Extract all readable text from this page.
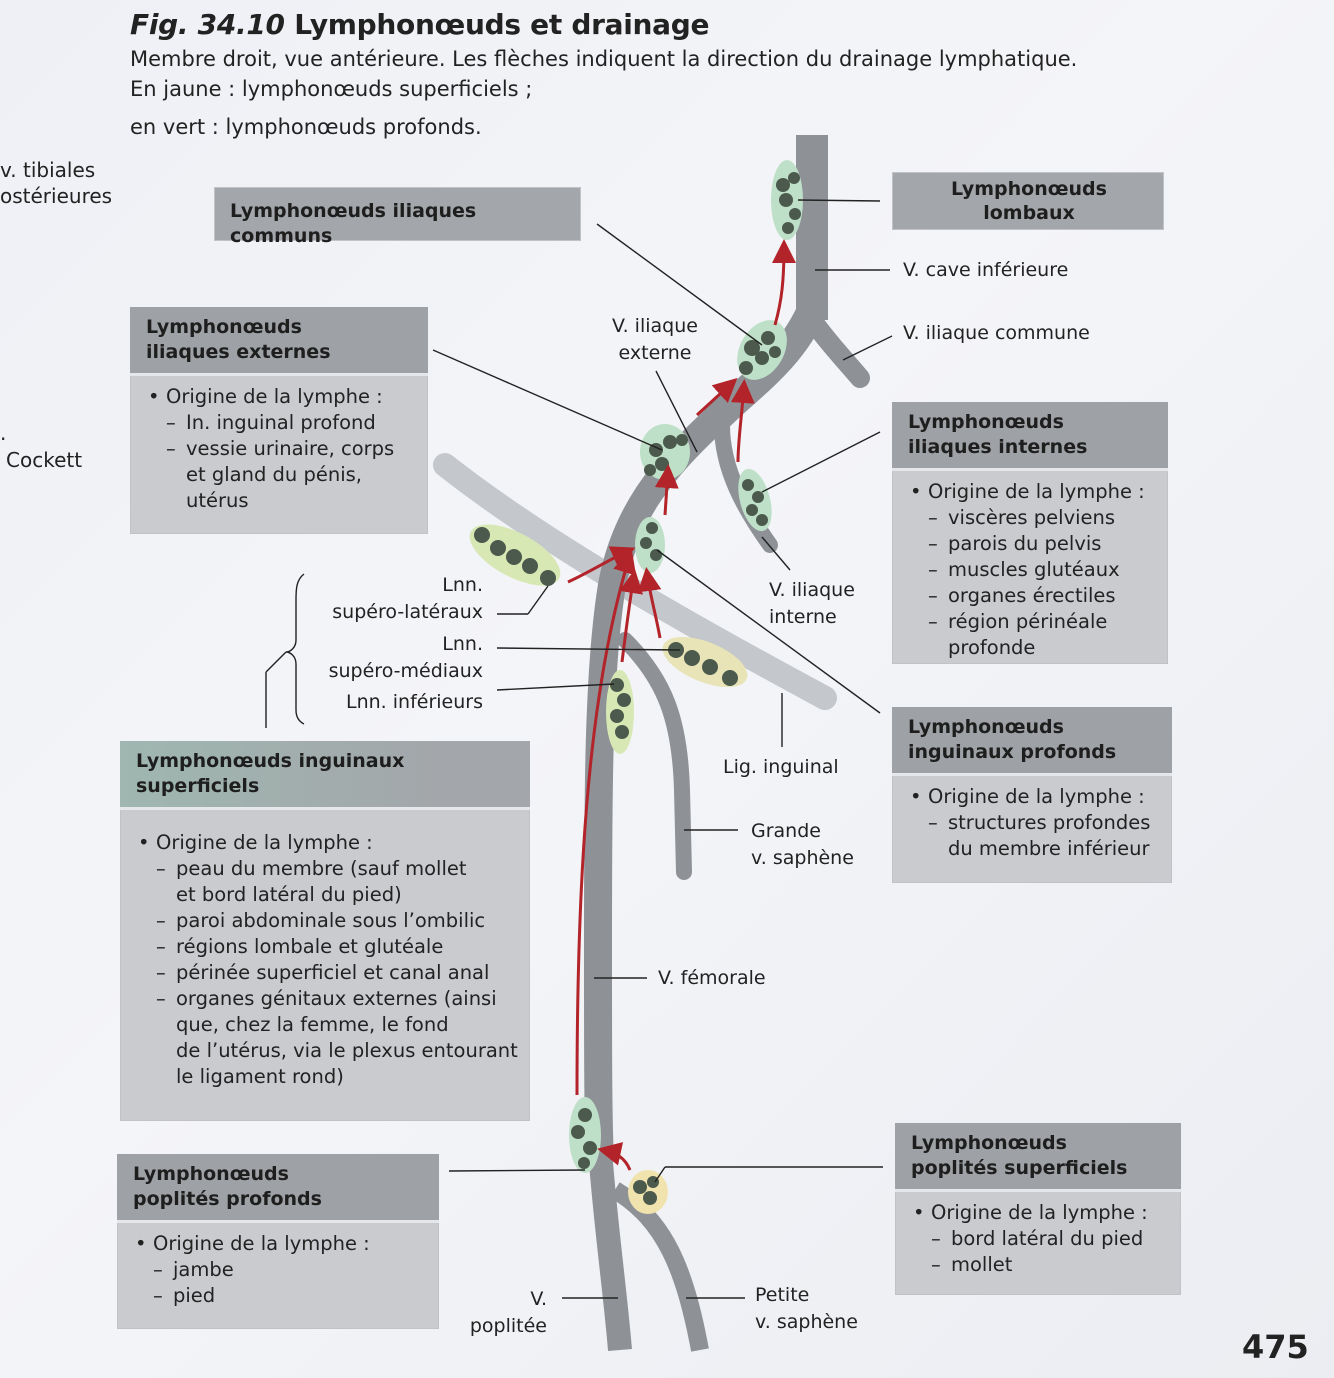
Fig. 34.10 Lymphonœuds et drainage
Membre droit, vue antérieure. Les flèches indiquent la direction du drainage lymphatique.
En jaune : lymphonœuds superficiels ;
en vert : lymphonœuds profonds.
v. tibiales
ostérieures
.
Cockett
Lymphonœuds iliaques communs
Lymphonœuds
lombaux
Lymphonœuds
iliaques externes
• Origine de la lymphe :
– In. inguinal profond
– vessie urinaire, corps
et gland du pénis,
utérus
Lymphonœuds
iliaques internes
• Origine de la lymphe :
– viscères pelviens
– parois du pelvis
– muscles glutéaux
– organes érectiles
– région périnéale
profonde
Lymphonœuds
inguinaux profonds
• Origine de la lymphe :
– structures profondes
du membre inférieur
Lymphonœuds inguinaux
superficiels
• Origine de la lymphe :
– peau du membre (sauf mollet
et bord latéral du pied)
– paroi abdominale sous l’ombilic
– régions lombale et glutéale
– périnée superficiel et canal anal
– organes génitaux externes (ainsi
que, chez la femme, le fond
de l’utérus, via le plexus entourant
le ligament rond)
Lymphonœuds
poplités profonds
• Origine de la lymphe :
– jambe
– pied
Lymphonœuds
poplités superficiels
• Origine de la lymphe :
– bord latéral du pied
– mollet
V. cave inférieure
V. iliaque commune
V. iliaque
externe
V. iliaque
interne
Lnn.
supéro-latéraux
Lnn.
supéro-médiaux
Lnn. inférieurs
Lig. inguinal
Grande
v. saphène
V. fémorale
V.
poplitée
Petite
v. saphène
475
